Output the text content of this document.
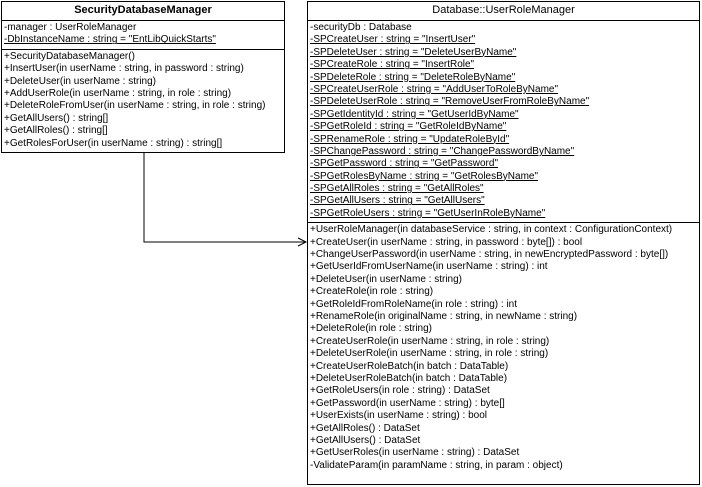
SecurityDatabaseManager
-manager : UserRoleManager
-DbInstanceName : string = "EntLibQuickStarts"
+SecurityDatabaseManager()
+InsertUser(in userName : string, in password : string)
+DeleteUser(in userName : string)
+AddUserRole(in userName : string, in role : string)
+DeleteRoleFromUser(in userName : string, in role : string)
+GetAllUsers() : string[]
+GetAllRoles() : string[]
+GetRolesForUser(in userName : string) : string[]
Database::UserRoleManager
-securityDb : Database
-SPCreateUser : string = "InsertUser"
-SPDeleteUser : string = "DeleteUserByName"
-SPCreateRole : string = "InsertRole"
-SPDeleteRole : string = "DeleteRoleByName"
-SPCreateUserRole : string = "AddUserToRoleByName"
-SPDeleteUserRole : string = "RemoveUserFromRoleByName"
-SPGetIdentityId : string = "GetUserIdByName"
-SPGetRoleId : string = "GetRoleIdByName"
-SPRenameRole : string = "UpdateRoleById"
-SPChangePassword : string = "ChangePasswordByName"
-SPGetPassword : string = "GetPassword"
-SPGetRolesByName : string = "GetRolesByName"
-SPGetAllRoles : string = "GetAllRoles"
-SPGetAllUsers : string = "GetAllUsers"
-SPGetRoleUsers : string = "GetUserInRoleByName"
+UserRoleManager(in databaseService : string, in context : ConfigurationContext)
+CreateUser(in userName : string, in password : byte[]) : bool
+ChangeUserPassword(in userName : string, in newEncryptedPassword : byte[])
+GetUserIdFromUserName(in userName : string) : int
+DeleteUser(in userName : string)
+CreateRole(in role : string)
+GetRoleIdFromRoleName(in role : string) : int
+RenameRole(in originalName : string, in newName : string)
+DeleteRole(in role : string)
+CreateUserRole(in userName : string, in role : string)
+DeleteUserRole(in userName : string, in role : string)
+CreateUserRoleBatch(in batch : DataTable)
+DeleteUserRoleBatch(in batch : DataTable)
+GetRoleUsers(in role : string) : DataSet
+GetPassword(in userName : string) : byte[]
+UserExists(in userName : string) : bool
+GetAllRoles() : DataSet
+GetAllUsers() : DataSet
+GetUserRoles(in userName : string) : DataSet
-ValidateParam(in paramName : string, in param : object)
